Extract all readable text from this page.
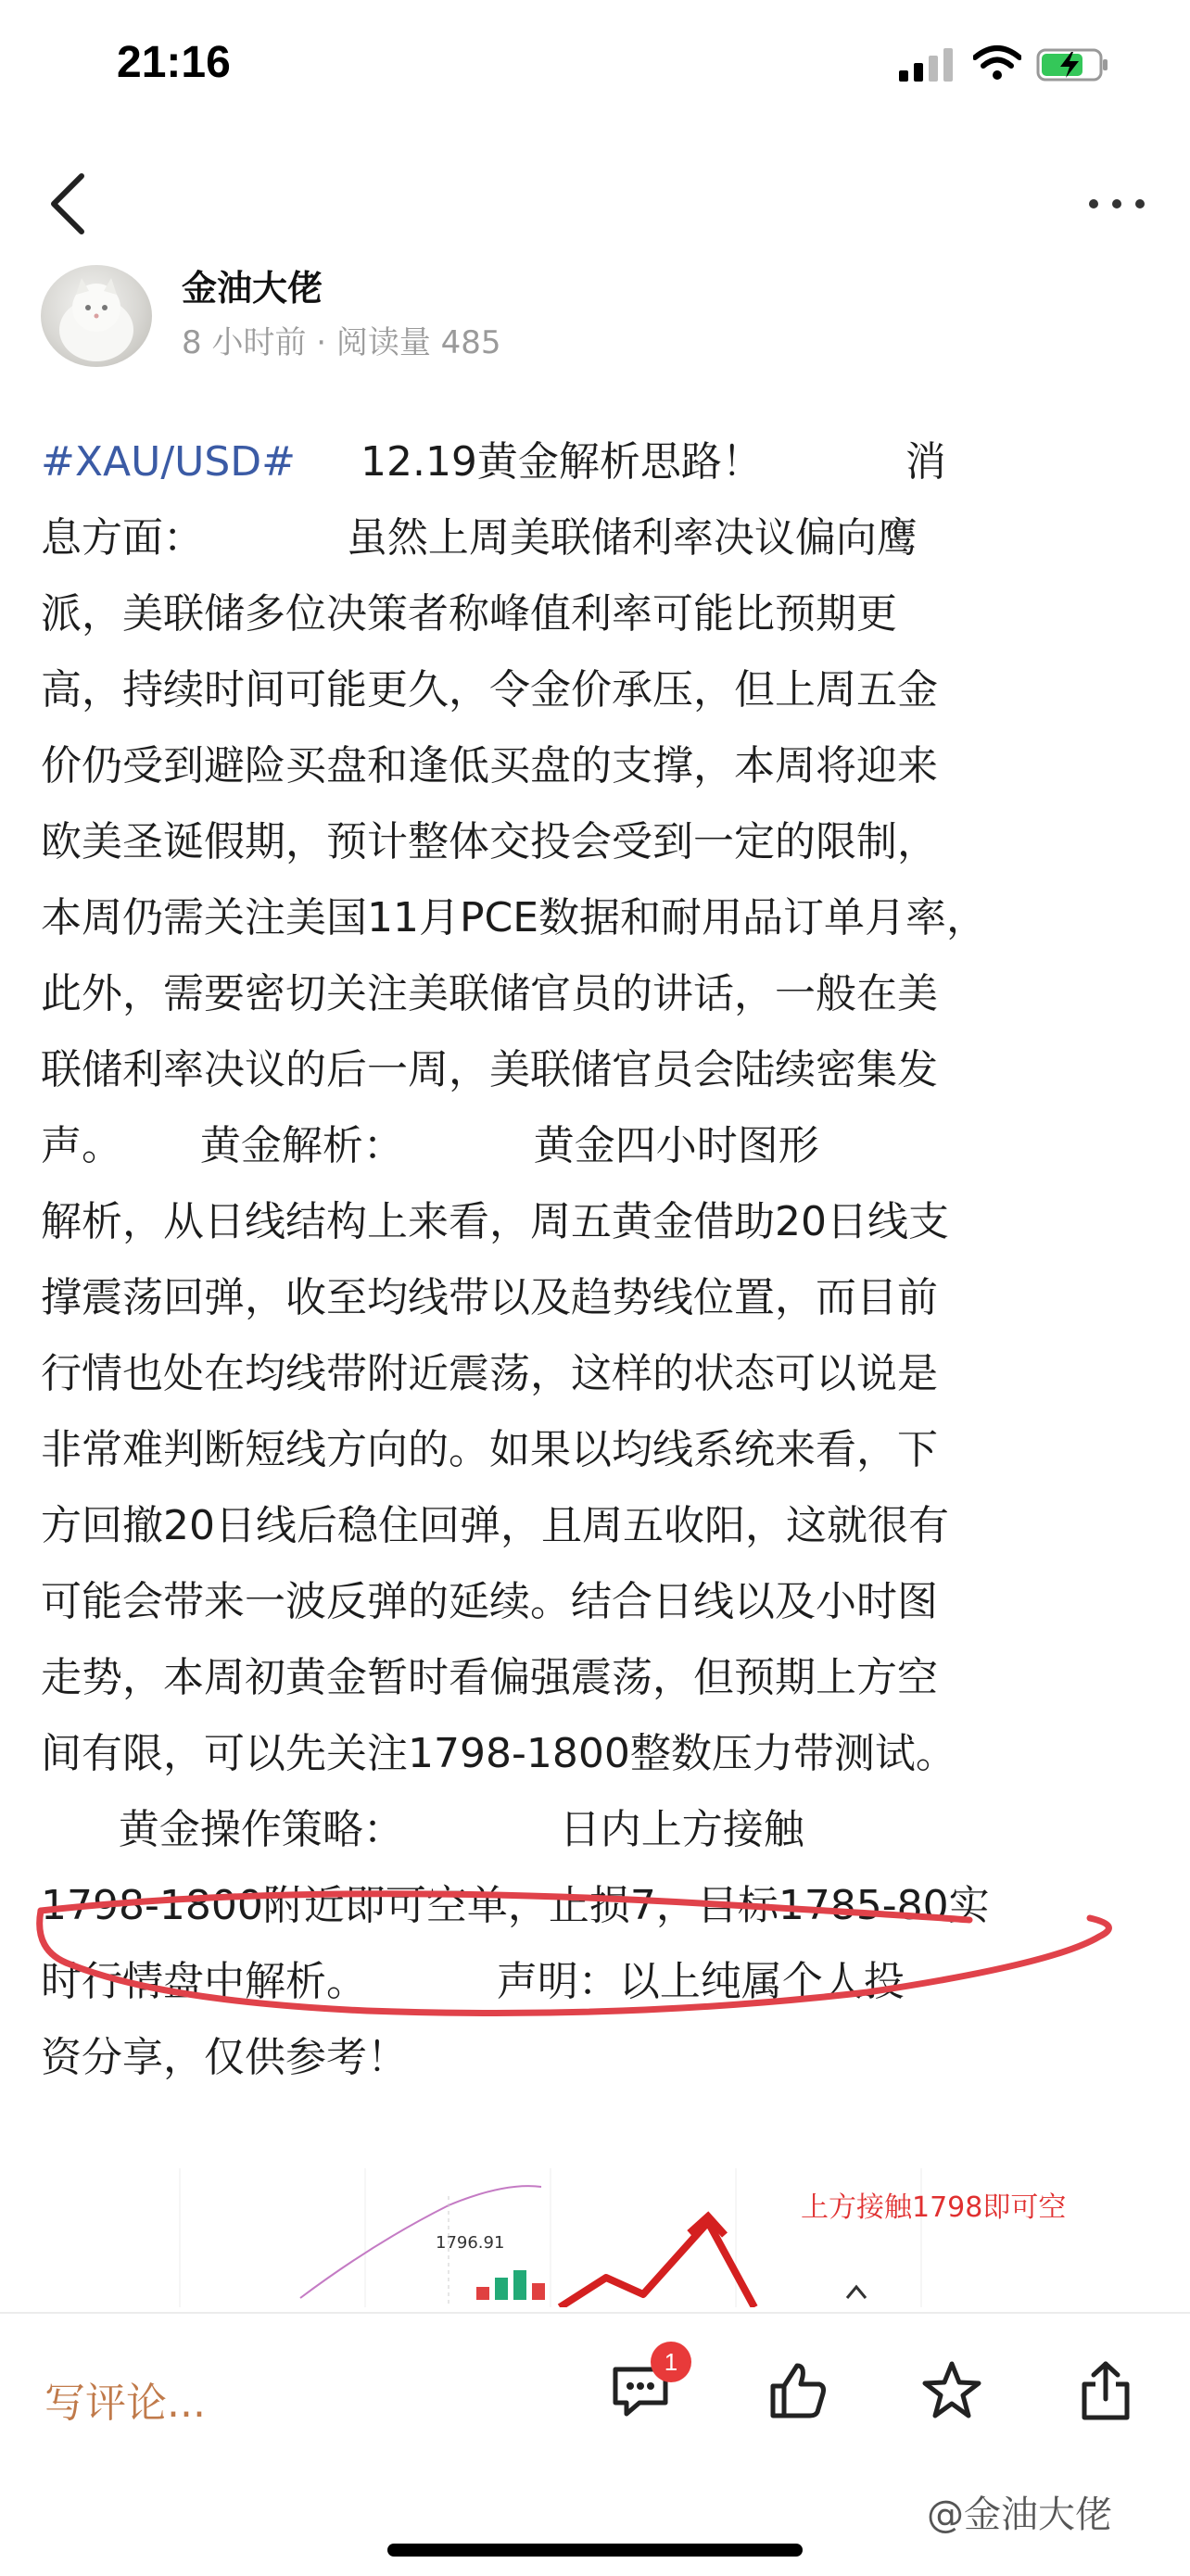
21:16
金油大佬
8 小时前 · 阅读量 485
#XAU/USD#     12.19黄金解析思路！           消
息方面：           虽然上周美联储利率决议偏向鹰
派，美联储多位决策者称峰值利率可能比预期更
高，持续时间可能更久，令金价承压，但上周五金
价仍受到避险买盘和逢低买盘的支撑，本周将迎来
欧美圣诞假期，预计整体交投会受到一定的限制，
本周仍需关注美国11月PCE数据和耐用品订单月率，
此外，需要密切关注美联储官员的讲话，一般在美
联储利率决议的后一周，美联储官员会陆续密集发
声。      黄金解析：          黄金四小时图形
解析，从日线结构上来看，周五黄金借助20日线支
撑震荡回弹，收至均线带以及趋势线位置，而目前
行情也处在均线带附近震荡，这样的状态可以说是
非常难判断短线方向的。如果以均线系统来看，下
方回撤20日线后稳住回弹，且周五收阳，这就很有
可能会带来一波反弹的延续。结合日线以及小时图
走势，本周初黄金暂时看偏强震荡，但预期上方空
间有限，可以先关注1798-1800整数压力带测试。
黄金操作策略：            日内上方接触
1798-1800附近即可空单，止损7，目标1785-80实
时行情盘中解析。          声明：以上纯属个人投
资分享，仅供参考！
1796.91
上方接触1798即可空
写评论...
1
@金油大佬
